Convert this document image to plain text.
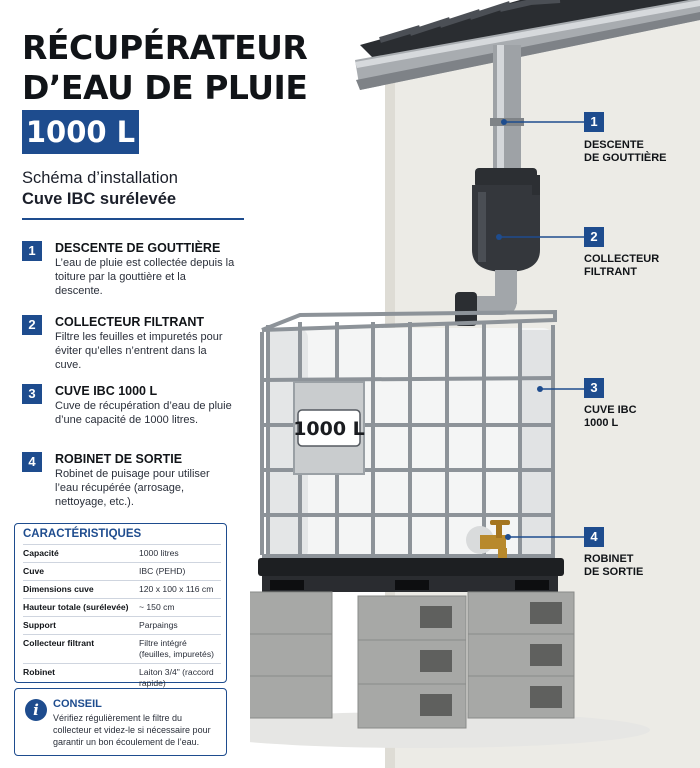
1000 L
1
DESCENTE
DE GOUTTIÈRE
2
COLLECTEUR
FILTRANT
3
CUVE IBC
1000 L
4
ROBINET
DE SORTIE
RÉCUPÉRATEUR
D’EAU DE PLUIE
1000 L
Schéma d’installation
Cuve IBC surélevée
1	DESCENTE DE GOUTTIÈRE
L’eau de pluie est collectée depuis la toiture par la gouttière et la descente.
2	COLLECTEUR FILTRANT
Filtre les feuilles et impuretés pour éviter qu’elles n’entrent dans la cuve.
3	CUVE IBC 1000 L
Cuve de récupération d’eau de pluie d’une capacité de 1000 litres.
4	ROBINET DE SORTIE
Robinet de puisage pour utiliser l’eau récupérée (arrosage, nettoyage, etc.).
CARACTÉRISTIQUES
Capacité	1000 litres
Cuve	IBC (PEHD)
Dimensions cuve	120 x 100 x 116 cm
Hauteur totale (surélevée)	~ 150 cm
Support	Parpaings
Collecteur filtrant	Filtre intégré (feuilles, impuretés)
Robinet	Laiton 3/4" (raccord rapide)
i	CONSEIL
Vérifiez régulièrement le filtre du collecteur et videz-le si nécessaire pour garantir un bon écoulement de l’eau.
